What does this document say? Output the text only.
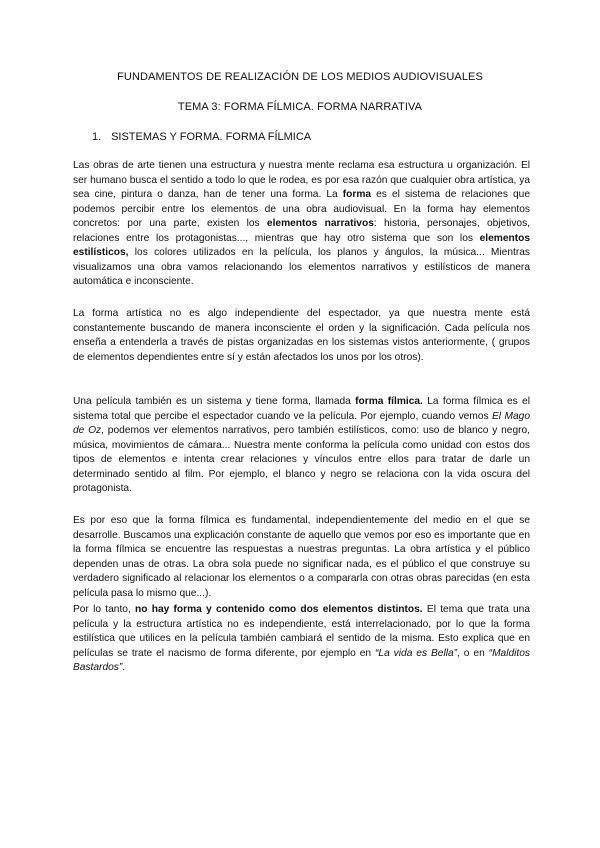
FUNDAMENTOS DE REALIZACIÓN DE LOS MEDIOS AUDIOVISUALES
TEMA 3: FORMA FÍLMICA. FORMA NARRATIVA
1. SISTEMAS Y FORMA. FORMA FÍLMICA

Las obras de arte tienen una estructura y nuestra mente reclama esa estructura u organización. El ser humano busca el sentido a todo lo que le rodea, es por esa razón que cualquier obra artística, ya sea cine, pintura o danza, han de tener una forma. La forma es el sistema de relaciones que podemos percibir entre los elementos de una obra audiovisual. En la forma hay elementos concretos: por una parte, existen los elementos narrativos: historia, personajes, objetivos, relaciones entre los protagonistas..., mientras que hay otro sistema que son los elementos estilísticos, los colores utilizados en la película, los planos y ángulos, la música... Mientras visualizamos una obra vamos relacionando los elementos narrativos y estilísticos de manera automática e inconsciente.

La forma artística no es algo independiente del espectador, ya que nuestra mente está constantemente buscando de manera inconsciente el orden y la significación. Cada película nos enseña a entenderla a través de pistas organizadas en los sistemas vistos anteriormente, ( grupos de elementos dependientes entre sí y están afectados los unos por los otros).

Una película también es un sistema y tiene forma, llamada forma fílmica. La forma fílmica es el sistema total que percibe el espectador cuando ve la película. Por ejemplo, cuando vemos El Mago de Oz, podemos ver elementos narrativos, pero también estilísticos, como: uso de blanco y negro, música, movimientos de cámara... Nuestra mente conforma la película como unidad con estos dos tipos de elementos e intenta crear relaciones y vínculos entre ellos para tratar de darle un determinado sentido al film. Por ejemplo, el blanco y negro se relaciona con la vida oscura del protagonista.

Es por eso que la forma fílmica es fundamental, independientemente del medio en el que se desarrolle. Buscamos una explicación constante de aquello que vemos por eso es importante que en la forma fílmica se encuentre las respuestas a nuestras preguntas. La obra artística y el público dependen unas de otras. La obra sola puede no significar nada, es el público el que construye su verdadero significado al relacionar los elementos o a compararla con otras obras parecidas (en esta película pasa lo mismo que...).

Por lo tanto, no hay forma y contenido como dos elementos distintos. El tema que trata una película y la estructura artística no es independiente, está interrelacionado, por lo que la forma estilística que utilices en la película también cambiará el sentido de la misma. Esto explica que en películas se trate el nacismo de forma diferente, por ejemplo en “La vida es Bella”, o en “Malditos Bastardos”.
